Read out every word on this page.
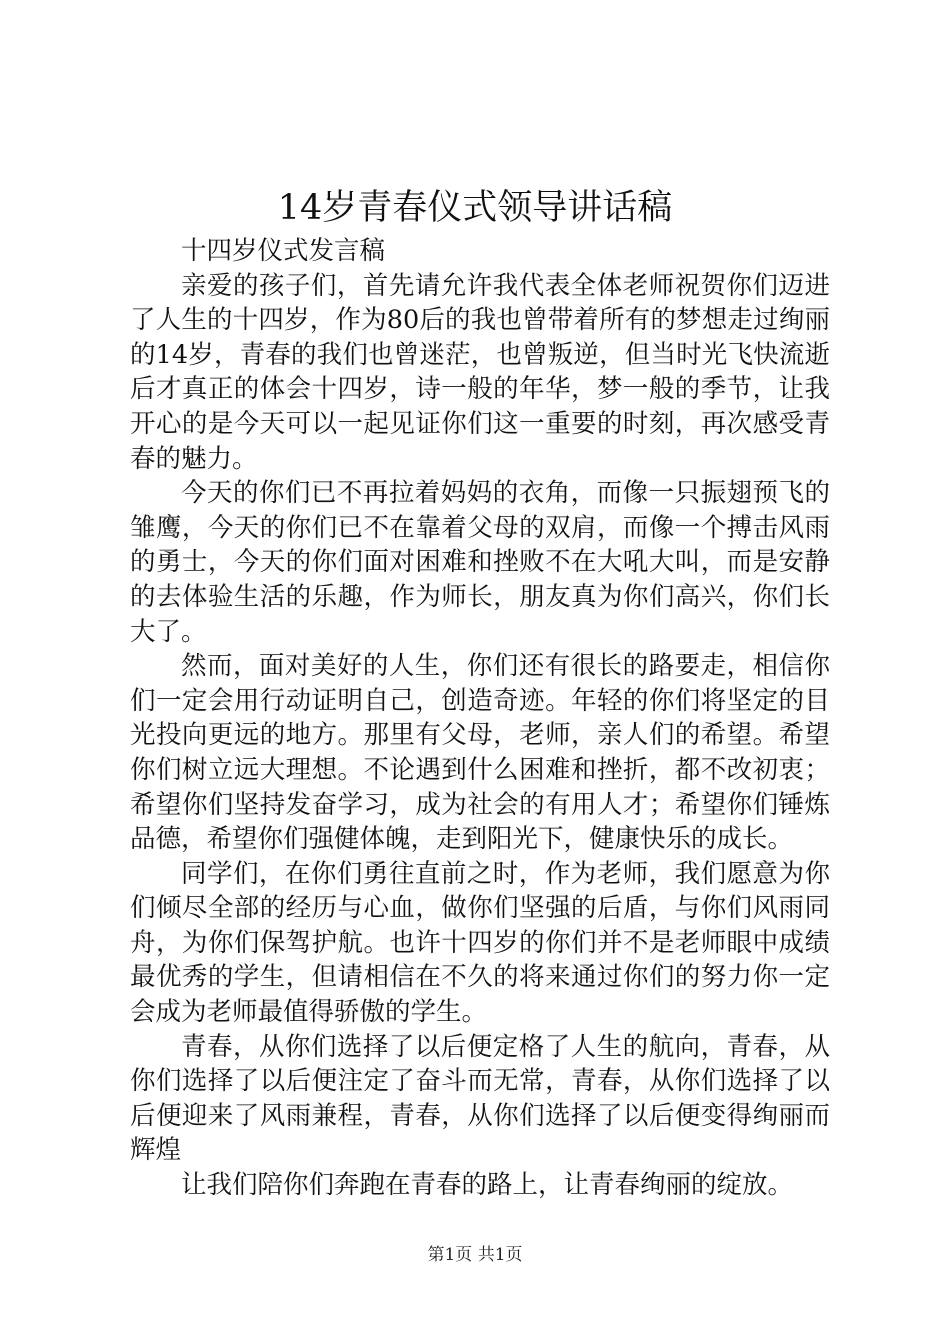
14岁青春仪式领导讲话稿

十四岁仪式发言稿

亲爱的孩子们，首先请允许我代表全体老师祝贺你们迈进了人生的十四岁，作为80后的我也曾带着所有的梦想走过绚丽的14岁，青春的我们也曾迷茫，也曾叛逆，但当时光飞快流逝后才真正的体会十四岁，诗一般的年华，梦一般的季节，让我开心的是今天可以一起见证你们这一重要的时刻，再次感受青春的魅力。

今天的你们已不再拉着妈妈的衣角，而像一只振翅预飞的雏鹰，今天的你们已不在靠着父母的双肩，而像一个搏击风雨的勇士，今天的你们面对困难和挫败不在大吼大叫，而是安静的去体验生活的乐趣，作为师长，朋友真为你们高兴，你们长大了。

然而，面对美好的人生，你们还有很长的路要走，相信你们一定会用行动证明自己，创造奇迹。年轻的你们将坚定的目光投向更远的地方。那里有父母，老师，亲人们的希望。希望你们树立远大理想。不论遇到什么困难和挫折，都不改初衷；希望你们坚持发奋学习，成为社会的有用人才；希望你们锤炼品德，希望你们强健体魄，走到阳光下，健康快乐的成长。

同学们，在你们勇往直前之时，作为老师，我们愿意为你们倾尽全部的经历与心血，做你们坚强的后盾，与你们风雨同舟，为你们保驾护航。也许十四岁的你们并不是老师眼中成绩最优秀的学生，但请相信在不久的将来通过你们的努力你一定会成为老师最值得骄傲的学生。

青春，从你们选择了以后便定格了人生的航向，青春，从你们选择了以后便注定了奋斗而无常，青春，从你们选择了以后便迎来了风雨兼程，青春，从你们选择了以后便变得绚丽而辉煌

让我们陪你们奔跑在青春的路上，让青春绚丽的绽放。

第1页 共1页
